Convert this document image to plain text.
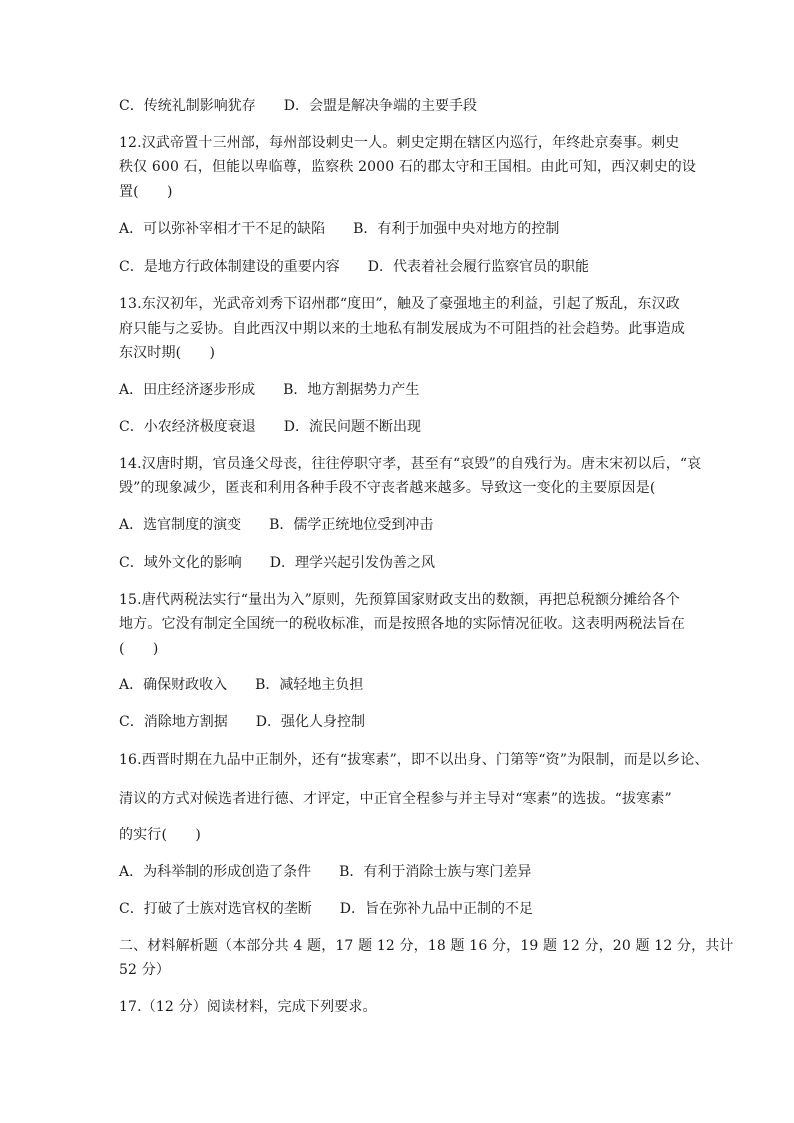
C．传统礼制影响犹存 D．会盟是解决争端的主要手段
12.汉武帝置十三州部，每州部设刺史一人。刺史定期在辖区内巡行，年终赴京奏事。刺史
秩仅 600 石，但能以卑临尊，监察秩 2000 石的郡太守和王国相。由此可知，西汉刺史的设
置(　　)
A．可以弥补宰相才干不足的缺陷 B．有利于加强中央对地方的控制
C．是地方行政体制建设的重要内容 D．代表着社会履行监察官员的职能
13.东汉初年，光武帝刘秀下诏州郡“度田”，触及了豪强地主的利益，引起了叛乱，东汉政
府只能与之妥协。自此西汉中期以来的土地私有制发展成为不可阻挡的社会趋势。此事造成
东汉时期(　　)
A．田庄经济逐步形成 B．地方割据势力产生
C．小农经济极度衰退 D．流民问题不断出现
14.汉唐时期，官员逢父母丧，往往停职守孝，甚至有“哀毁”的自残行为。唐末宋初以后，“哀
毁”的现象减少，匿丧和利用各种手段不守丧者越来越多。导致这一变化的主要原因是(
A．选官制度的演变 B．儒学正统地位受到冲击
C．域外文化的影响 D．理学兴起引发伪善之风
15.唐代两税法实行“量出为入”原则，先预算国家财政支出的数额，再把总税额分摊给各个
地方。它没有制定全国统一的税收标准，而是按照各地的实际情况征收。这表明两税法旨在
(　　)
A．确保财政收入 B．减轻地主负担
C．消除地方割据 D．强化人身控制
16.西晋时期在九品中正制外，还有“拔寒素”，即不以出身、门第等“资”为限制，而是以乡论、
清议的方式对候选者进行德、才评定，中正官全程参与并主导对“寒素”的选拔。“拔寒素”
的实行(　　)
A．为科举制的形成创造了条件 B．有利于消除士族与寒门差异
C．打破了士族对选官权的垄断 D．旨在弥补九品中正制的不足
二、材料解析题（本部分共 4 题，17 题 12 分，18 题 16 分，19 题 12 分，20 题 12 分，共计
52 分）
17.（12 分）阅读材料，完成下列要求。
